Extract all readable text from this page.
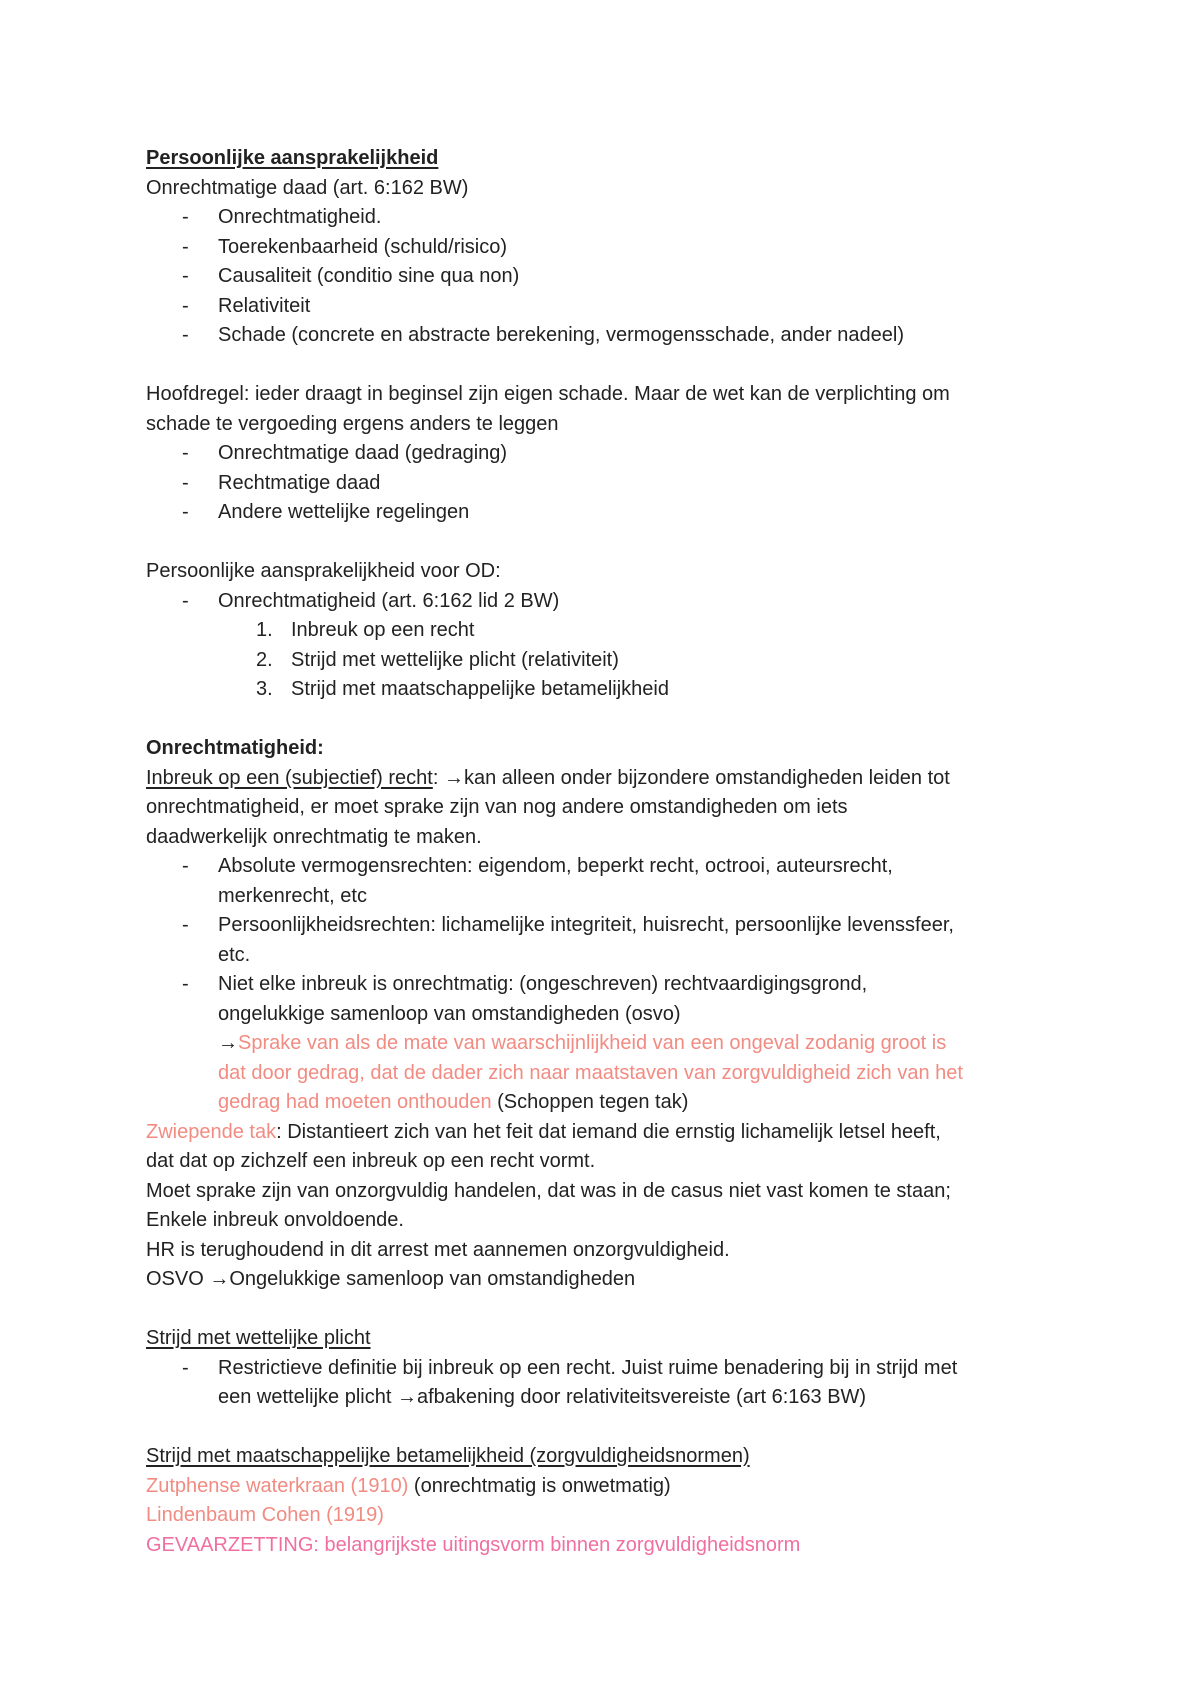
Persoonlijke aansprakelijkheid
Onrechtmatige daad (art. 6:162 BW)
- Onrechtmatigheid.
- Toerekenbaarheid (schuld/risico)
- Causaliteit (conditio sine qua non)
- Relativiteit
- Schade (concrete en abstracte berekening, vermogensschade, ander nadeel)
Hoofdregel: ieder draagt in beginsel zijn eigen schade. Maar de wet kan de verplichting om
schade te vergoeding ergens anders te leggen
- Onrechtmatige daad (gedraging)
- Rechtmatige daad
- Andere wettelijke regelingen
Persoonlijke aansprakelijkheid voor OD:
- Onrechtmatigheid (art. 6:162 lid 2 BW)
1. Inbreuk op een recht
2. Strijd met wettelijke plicht (relativiteit)
3. Strijd met maatschappelijke betamelijkheid
Onrechtmatigheid:
Inbreuk op een (subjectief) recht: →kan alleen onder bijzondere omstandigheden leiden tot
onrechtmatigheid, er moet sprake zijn van nog andere omstandigheden om iets
daadwerkelijk onrechtmatig te maken.
- Absolute vermogensrechten: eigendom, beperkt recht, octrooi, auteursrecht,
merkenrecht, etc
- Persoonlijkheidsrechten: lichamelijke integriteit, huisrecht, persoonlijke levenssfeer,
etc.
- Niet elke inbreuk is onrechtmatig: (ongeschreven) rechtvaardigingsgrond,
ongelukkige samenloop van omstandigheden (osvo)
→Sprake van als de mate van waarschijnlijkheid van een ongeval zodanig groot is
dat door gedrag, dat de dader zich naar maatstaven van zorgvuldigheid zich van het
gedrag had moeten onthouden (Schoppen tegen tak)
Zwiepende tak: Distantieert zich van het feit dat iemand die ernstig lichamelijk letsel heeft,
dat dat op zichzelf een inbreuk op een recht vormt.
Moet sprake zijn van onzorgvuldig handelen, dat was in de casus niet vast komen te staan;
Enkele inbreuk onvoldoende.
HR is terughoudend in dit arrest met aannemen onzorgvuldigheid.
OSVO →Ongelukkige samenloop van omstandigheden
Strijd met wettelijke plicht
- Restrictieve definitie bij inbreuk op een recht. Juist ruime benadering bij in strijd met
een wettelijke plicht →afbakening door relativiteitsvereiste (art 6:163 BW)
Strijd met maatschappelijke betamelijkheid (zorgvuldigheidsnormen)
Zutphense waterkraan (1910) (onrechtmatig is onwetmatig)
Lindenbaum Cohen (1919)
GEVAARZETTING: belangrijkste uitingsvorm binnen zorgvuldigheidsnorm
